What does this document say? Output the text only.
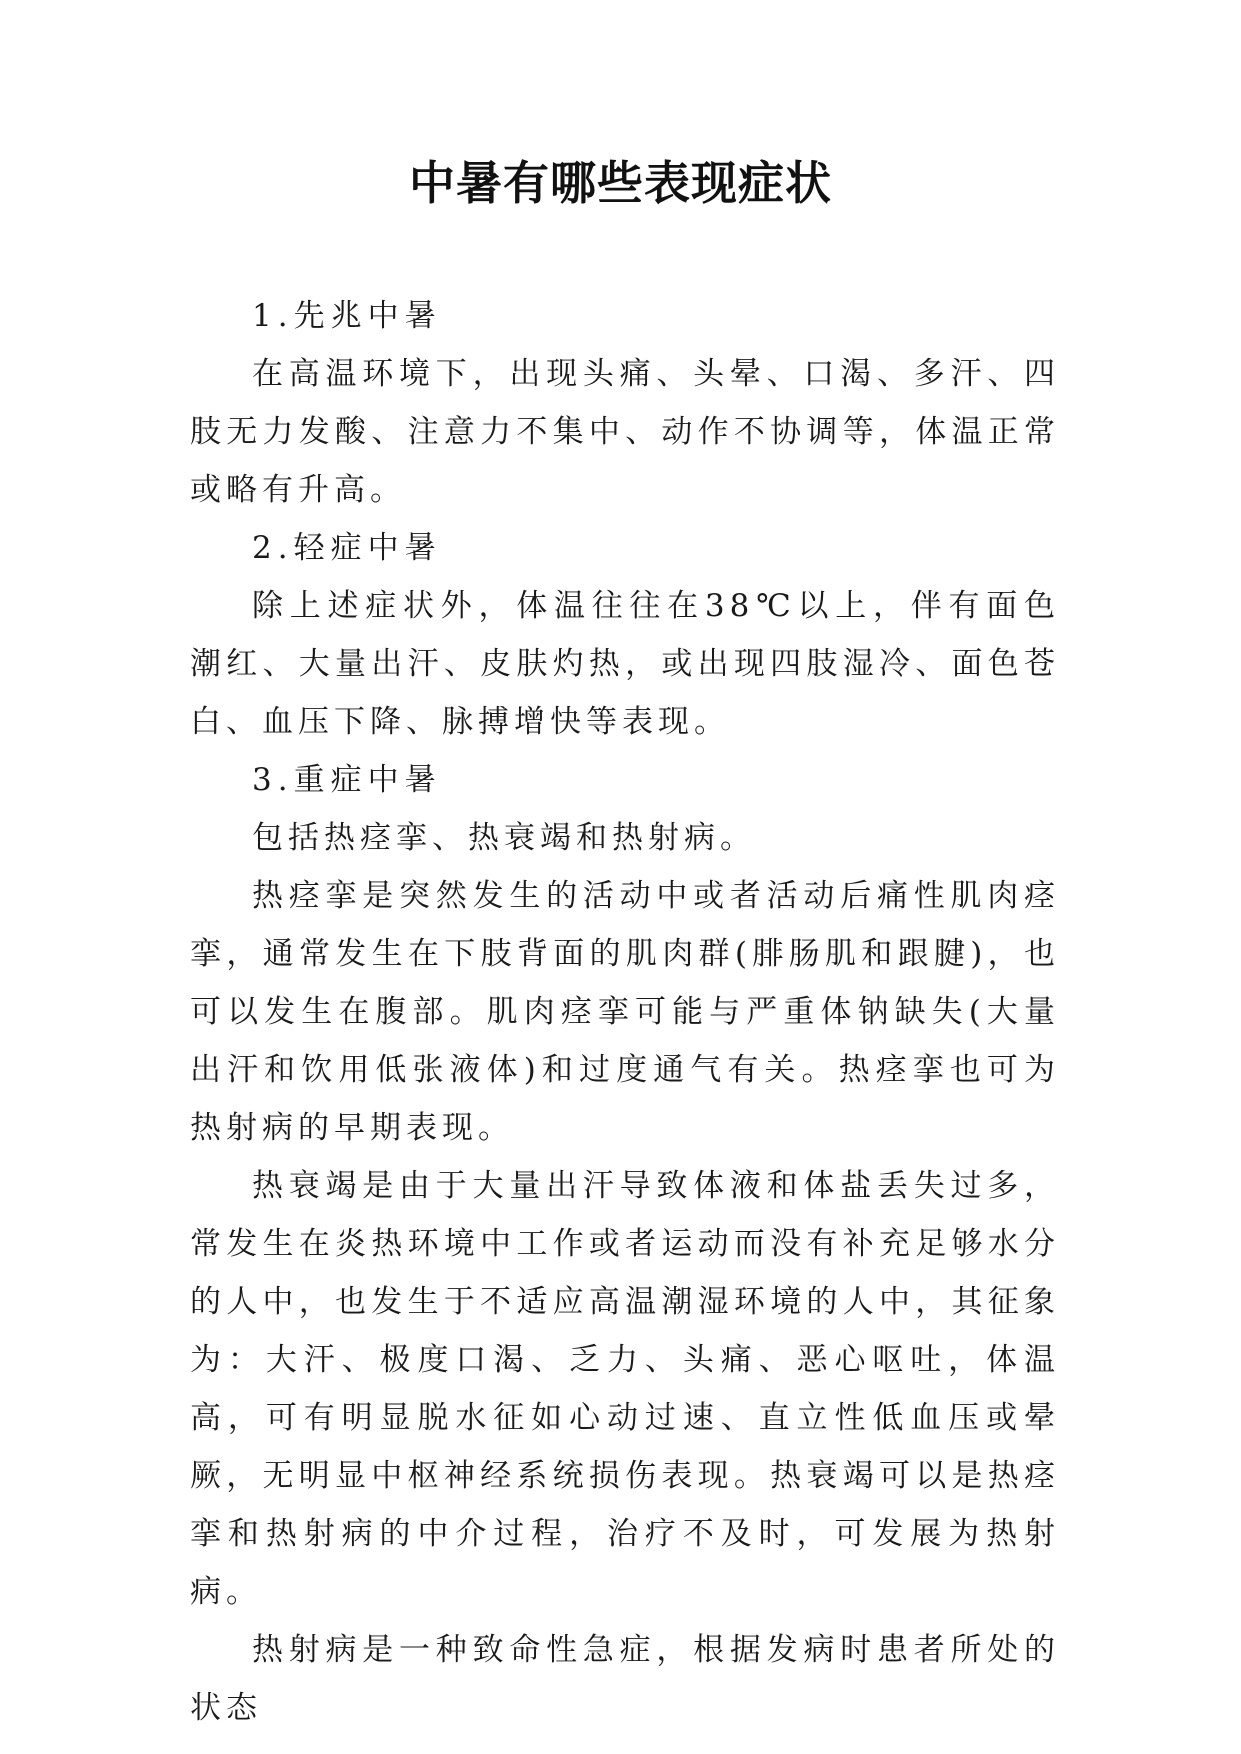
中暑有哪些表现症状

1.先兆中暑

在高温环境下，出现头痛、头晕、口渴、多汗、四肢无力发酸、注意力不集中、动作不协调等，体温正常或略有升高。

2.轻症中暑

除上述症状外，体温往往在38℃以上，伴有面色潮红、大量出汗、皮肤灼热，或出现四肢湿冷、面色苍白、血压下降、脉搏增快等表现。

3.重症中暑

包括热痉挛、热衰竭和热射病。

热痉挛是突然发生的活动中或者活动后痛性肌肉痉挛，通常发生在下肢背面的肌肉群(腓肠肌和跟腱)，也可以发生在腹部。肌肉痉挛可能与严重体钠缺失(大量出汗和饮用低张液体)和过度通气有关。热痉挛也可为热射病的早期表现。

热衰竭是由于大量出汗导致体液和体盐丢失过多，常发生在炎热环境中工作或者运动而没有补充足够水分的人中，也发生于不适应高温潮湿环境的人中，其征象为：大汗、极度口渴、乏力、头痛、恶心呕吐，体温高，可有明显脱水征如心动过速、直立性低血压或晕厥，无明显中枢神经系统损伤表现。热衰竭可以是热痉挛和热射病的中介过程，治疗不及时，可发展为热射病。

热射病是一种致命性急症，根据发病时患者所处的状态
